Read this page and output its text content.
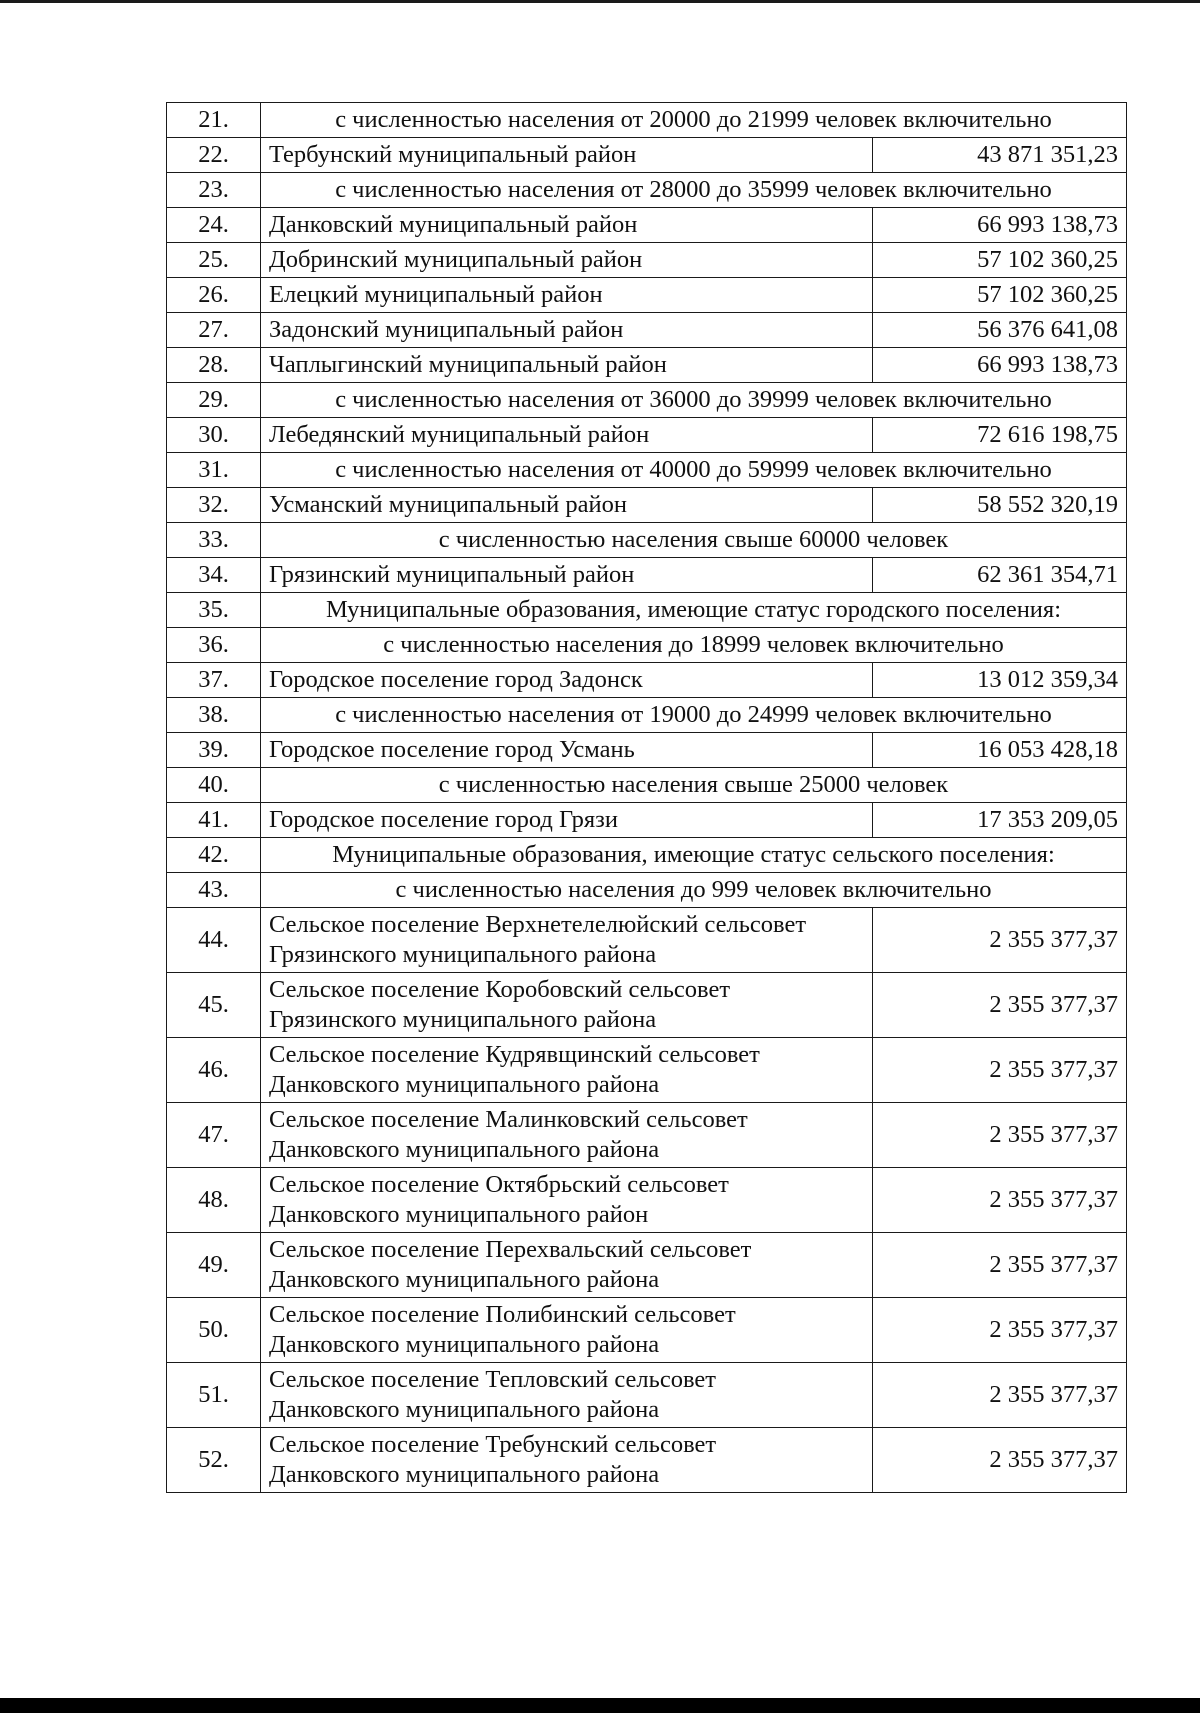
21.	с численностью населения от 20000 до 21999 человек включительно	
22.	Тербунский муниципальный район	43 871 351,23
23.	с численностью населения от 28000 до 35999 человек включительно	
24.	Данковский муниципальный район	66 993 138,73
25.	Добринский муниципальный район	57 102 360,25
26.	Елецкий муниципальный район	57 102 360,25
27.	Задонский муниципальный район	56 376 641,08
28.	Чаплыгинский муниципальный район	66 993 138,73
29.	с численностью населения от 36000 до 39999 человек включительно	
30.	Лебедянский муниципальный район	72 616 198,75
31.	с численностью населения от 40000 до 59999 человек включительно	
32.	Усманский муниципальный район	58 552 320,19
33.	с численностью населения свыше 60000 человек	
34.	Грязинский муниципальный район	62 361 354,71
35.	Муниципальные образования, имеющие статус городского поселения:	
36.	с численностью населения до 18999 человек включительно	
37.	Городское поселение город Задонск	13 012 359,34
38.	с численностью населения от 19000 до 24999 человек включительно	
39.	Городское поселение город Усмань	16 053 428,18
40.	с численностью населения свыше 25000 человек	
41.	Городское поселение город Грязи	17 353 209,05
42.	Муниципальные образования, имеющие статус сельского поселения:	
43.	с численностью населения до 999 человек включительно	
44.	Сельское поселение Верхнетелелюйский сельсовет
Грязинского муниципального района	2 355 377,37
45.	Сельское поселение Коробовский сельсовет
Грязинского муниципального района	2 355 377,37
46.	Сельское поселение Кудрявщинский сельсовет
Данковского муниципального района	2 355 377,37
47.	Сельское поселение Малинковский сельсовет
Данковского муниципального района	2 355 377,37
48.	Сельское поселение Октябрьский сельсовет
Данковского муниципального район	2 355 377,37
49.	Сельское поселение Перехвальский сельсовет
Данковского муниципального района	2 355 377,37
50.	Сельское поселение Полибинский сельсовет
Данковского муниципального района	2 355 377,37
51.	Сельское поселение Тепловский сельсовет
Данковского муниципального района	2 355 377,37
52.	Сельское поселение Требунский сельсовет
Данковского муниципального района	2 355 377,37
